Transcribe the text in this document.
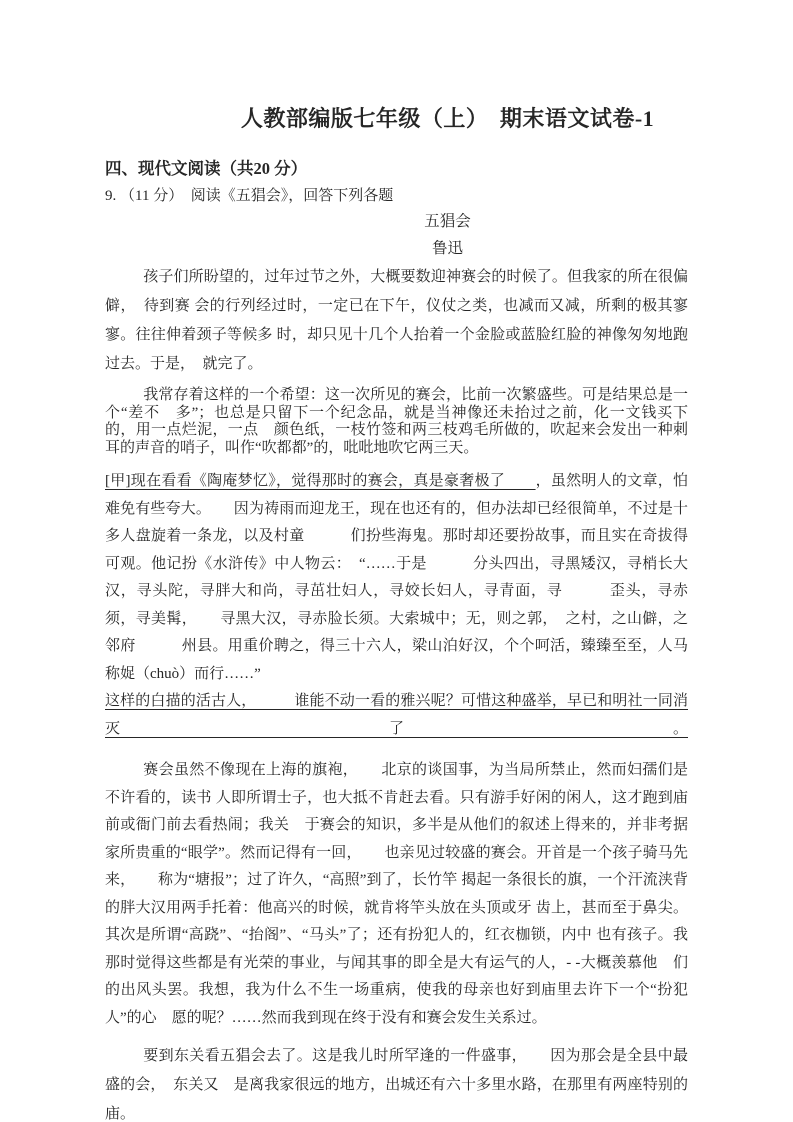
人教部编版七年级（上）　期末语文试卷-1
四、现代文阅读（共20 分）

9. （11 分）　阅读《五猖会》，回答下列各题

五猖会

鲁迅

孩子们所盼望的，过年过节之外，大概要数迎神赛会的时候了。但我家的所在很偏僻，　待到赛 会的行列经过时，一定已在下午，仪仗之类，也减而又减，所剩的极其寥寥。往往伸着颈子等候多 时，却只见十几个人抬着一个金脸或蓝脸红脸的神像匆匆地跑过去。于是，　就完了。

我常存着这样的一个希望：这一次所见的赛会，比前一次繁盛些。可是结果总是一个“差不　多”；也总是只留下一个纪念品，就是当神像还未抬过之前，化一文钱买下的，用一点烂泥，一点　颜色纸，一枝竹签和两三枝鸡毛所做的，吹起来会发出一种刺耳的声音的哨子，叫作“吹都都”的，吡吡地吹它两三天。

[甲]现在看看《陶庵梦忆》，觉得那时的赛会，真是豪奢极了　　，虽然明人的文章，怕难免有些夸大。　　因为祷雨而迎龙王，现在也还有的，但办法却已经很简单，不过是十多人盘旋着一条龙，以及村童　　　们扮些海鬼。那时却还要扮故事，而且实在奇拔得可观。他记扮《水浒传》中人物云：　“……于是　　　分头四出，寻黑矮汉，寻梢长大汉，寻头陀，寻胖大和尚，寻茁壮妇人，寻姣长妇人，寻青面，寻　　　歪头，寻赤须，寻美髯，　　寻黑大汉，寻赤脸长须。大索城中；无，则之郭，　之村，之山僻，之邻府　　　州县。用重价聘之，得三十六人，梁山泊好汉，个个呵活，臻臻至至，人马称娖（chuò）而行……”
这样的白描的活古人，　　　谁能不动一看的雅兴呢？可惜这种盛举，早已和明社一同消灭了。

赛会虽然不像现在上海的旗袍，　　北京的谈国事，为当局所禁止，然而妇孺们是不许看的，读书 人即所谓士子，也大抵不肯赶去看。只有游手好闲的闲人，这才跑到庙前或衙门前去看热闹；我关　于赛会的知识，多半是从他们的叙述上得来的，并非考据家所贵重的“眼学”。然而记得有一回，　　也亲见过较盛的赛会。开首是一个孩子骑马先来，　　称为“塘报”；过了许久，“高照”到了，长竹竿 揭起一条很长的旗，一个汗流浃背的胖大汉用两手托着：他高兴的时候，就肯将竿头放在头顶或牙 齿上，甚而至于鼻尖。其次是所谓“高跷”、“抬阁”、“马头”了；还有扮犯人的，红衣枷锁，内中 也有孩子。我那时觉得这些都是有光荣的事业，与闻其事的即全是大有运气的人，- -大概羡慕他　们的出风头罢。我想，我为什么不生一场重病，使我的母亲也好到庙里去许下一个“扮犯人”的心　愿的呢？……然而我到现在终于没有和赛会发生关系过。

要到东关看五猖会去了。这是我儿时所罕逢的一件盛事，　　因为那会是全县中最盛的会，　东关又　是离我家很远的地方，出城还有六十多里水路，在那里有两座特别的庙。
